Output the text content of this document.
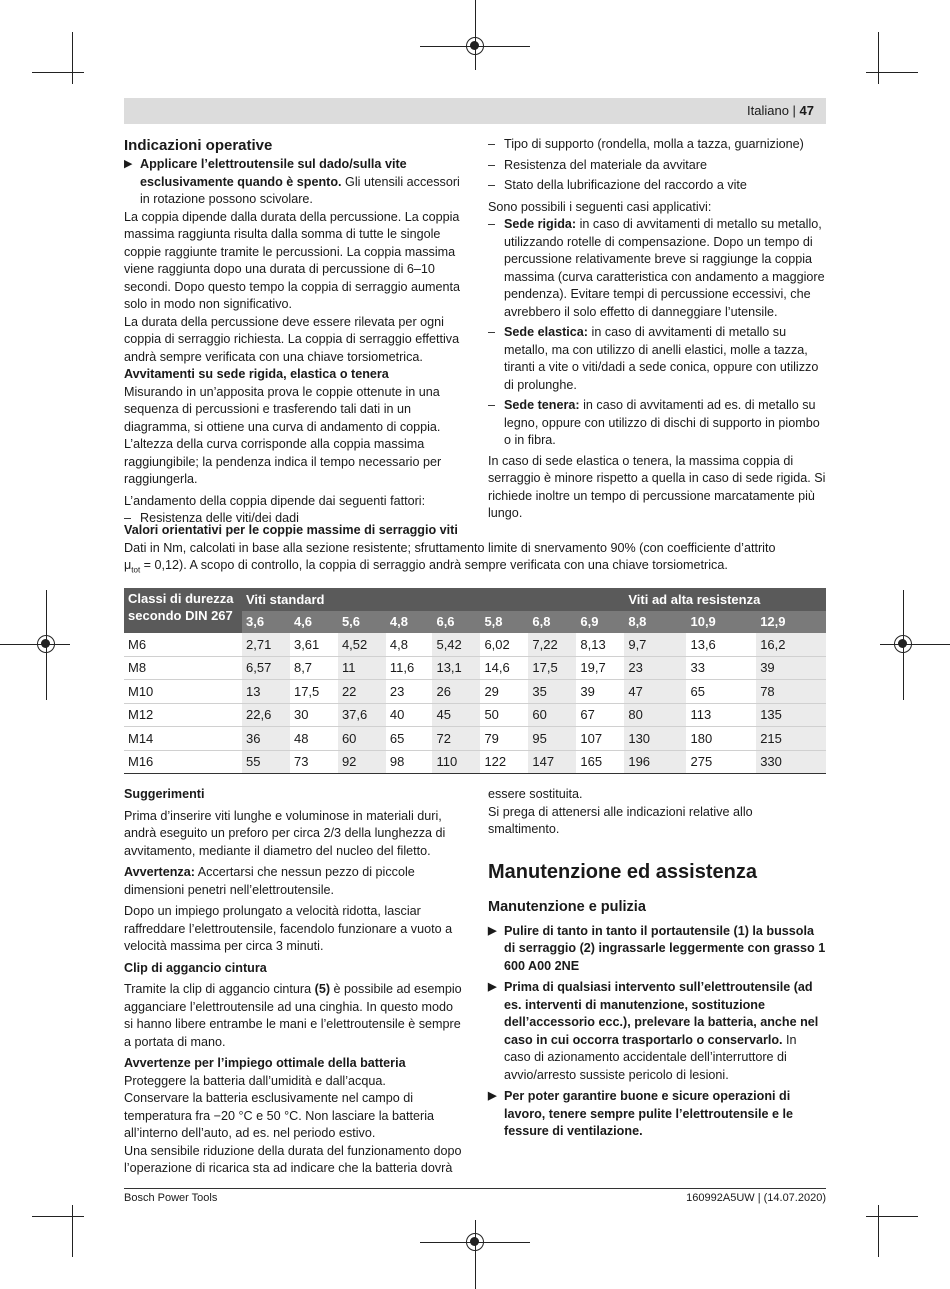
Italiano | 47

Indicazioni operative

▶ Applicare l’elettroutensile sul dado/sulla vite esclusivamente quando è spento. Gli utensili accessori in rotazione possono scivolare.

La coppia dipende dalla durata della percussione. La coppia massima raggiunta risulta dalla somma di tutte le singole coppie raggiunte tramite le percussioni. La coppia massima viene raggiunta dopo una durata di percussione di 6–10 secondi. Dopo questo tempo la coppia di serraggio aumenta solo in modo non significativo.

La durata della percussione deve essere rilevata per ogni coppia di serraggio richiesta. La coppia di serraggio effettiva andrà sempre verificata con una chiave torsiometrica.

Avvitamenti su sede rigida, elastica o tenera

Misurando in un’apposita prova le coppie ottenute in una sequenza di percussioni e trasferendo tali dati in un diagramma, si ottiene una curva di andamento di coppia. L’altezza della curva corrisponde alla coppia massima raggiungibile; la pendenza indica il tempo necessario per raggiungerla.

L’andamento della coppia dipende dai seguenti fattori:

– Resistenza delle viti/dei dadi
– Tipo di supporto (rondella, molla a tazza, guarnizione)
– Resistenza del materiale da avvitare
– Stato della lubrificazione del raccordo a vite

Sono possibili i seguenti casi applicativi:

– Sede rigida: in caso di avvitamenti di metallo su metallo, utilizzando rotelle di compensazione. Dopo un tempo di percussione relativamente breve si raggiunge la coppia massima (curva caratteristica con andamento a maggiore pendenza). Evitare tempi di percussione eccessivi, che avrebbero il solo effetto di danneggiare l’utensile.
– Sede elastica: in caso di avvitamenti di metallo su metallo, ma con utilizzo di anelli elastici, molle a tazza, tiranti a vite o viti/dadi a sede conica, oppure con utilizzo di prolunghe.
– Sede tenera: in caso di avvitamenti ad es. di metallo su legno, oppure con utilizzo di dischi di supporto in piombo o in fibra.

In caso di sede elastica o tenera, la massima coppia di serraggio è minore rispetto a quella in caso di sede rigida. Si richiede inoltre un tempo di percussione marcatamente più lungo.

Valori orientativi per le coppie massime di serraggio viti

Dati in Nm, calcolati in base alla sezione resistente; sfruttamento limite di snervamento 90% (con coefficiente d’attrito

$\mu_{tot} = 0,12$). A scopo di controllo, la coppia di serraggio andrà sempre verificata con una chiave torsiometrica.

Classi di durezza secondo DIN 267	Viti standard								Viti ad alta resistenza		
	3,6	4,6	5,6	4,8	6,6	5,8	6,8	6,9	8,8	10,9	12,9
M6	2,71	3,61	4,52	4,8	5,42	6,02	7,22	8,13	9,7	13,6	16,2
M8	6,57	8,7	11	11,6	13,1	14,6	17,5	19,7	23	33	39
M10	13	17,5	22	23	26	29	35	39	47	65	78
M12	22,6	30	37,6	40	45	50	60	67	80	113	135
M14	36	48	60	65	72	79	95	107	130	180	215
M16	55	73	92	98	110	122	147	165	196	275	330

Suggerimenti

Prima d’inserire viti lunghe e voluminose in materiali duri, andrà eseguito un preforo per circa 2/3 della lunghezza di avvitamento, mediante il diametro del nucleo del filetto.

Avvertenza: Accertarsi che nessun pezzo di piccole dimensioni penetri nell’elettroutensile.

Dopo un impiego prolungato a velocità ridotta, lasciar raffreddare l’elettroutensile, facendolo funzionare a vuoto a velocità massima per circa 3 minuti.

Clip di aggancio cintura

Tramite la clip di aggancio cintura (5) è possibile ad esempio agganciare l’elettroutensile ad una cinghia. In questo modo si hanno libere entrambe le mani e l’elettroutensile è sempre a portata di mano.

Avvertenze per l’impiego ottimale della batteria

Proteggere la batteria dall’umidità e dall’acqua.

Conservare la batteria esclusivamente nel campo di temperatura fra −20 °C e 50 °C. Non lasciare la batteria all’interno dell’auto, ad es. nel periodo estivo.

Una sensibile riduzione della durata del funzionamento dopo l’operazione di ricarica sta ad indicare che la batteria dovrà

essere sostituita.

Si prega di attenersi alle indicazioni relative allo smaltimento.

Manutenzione ed assistenza

Manutenzione e pulizia

▶ Pulire di tanto in tanto il portautensile (1) la bussola di serraggio (2) ingrassarle leggermente con grasso 1 600 A00 2NE
▶ Prima di qualsiasi intervento sull’elettroutensile (ad es. interventi di manutenzione, sostituzione dell’accessorio ecc.), prelevare la batteria, anche nel caso in cui occorra trasportarlo o conservarlo. In caso di azionamento accidentale dell’interruttore di avvio/arresto sussiste pericolo di lesioni.
▶ Per poter garantire buone e sicure operazioni di lavoro, tenere sempre pulite l’elettroutensile e le fessure di ventilazione.
Bosch Power Tools	160992A5UW | (14.07.2020)
